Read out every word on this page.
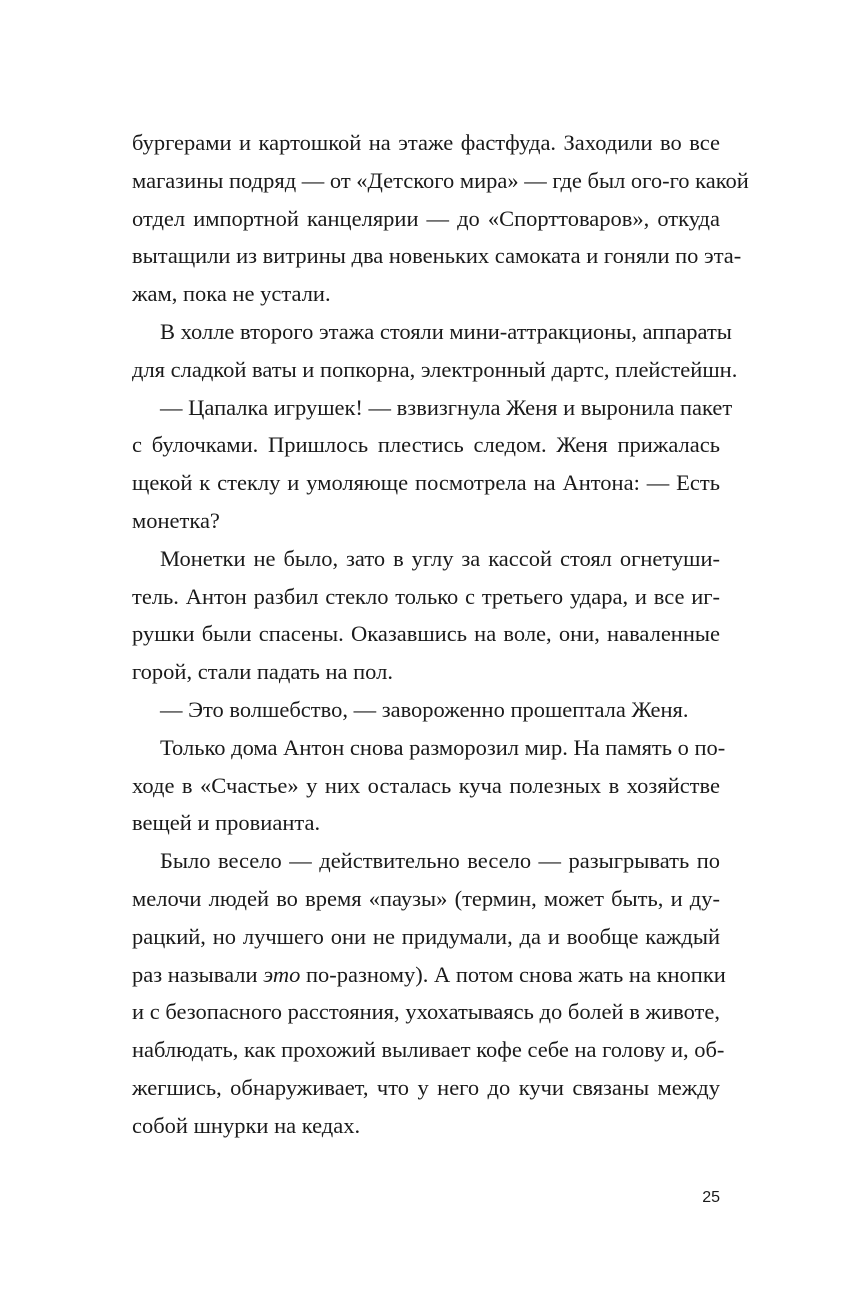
бургерами и картошкой на этаже фастфуда. Заходили во все
магазины подряд — от «Детского мира» — где был ого-го какой
отдел импортной канцелярии — до «Спорттоваров», откуда
вытащили из витрины два новеньких самоката и гоняли по эта-
жам, пока не устали.
В холле второго этажа стояли мини-аттракционы, аппараты
для сладкой ваты и попкорна, электронный дартс, плейстейшн.
— Цапалка игрушек! — взвизгнула Женя и выронила пакет
с булочками. Пришлось плестись следом. Женя прижалась
щекой к стеклу и умоляюще посмотрела на Антона: — Есть
монетка?
Монетки не было, зато в углу за кассой стоял огнетуши-
тель. Антон разбил стекло только с третьего удара, и все иг-
рушки были спасены. Оказавшись на воле, они, наваленные
горой, стали падать на пол.
— Это волшебство, — завороженно прошептала Женя.
Только дома Антон снова разморозил мир. На память о по-
ходе в «Счастье» у них осталась куча полезных в хозяйстве
вещей и провианта.
Было весело — действительно весело — разыгрывать по
мелочи людей во время «паузы» (термин, может быть, и ду-
рацкий, но лучшего они не придумали, да и вообще каждый
раз называли это по-разному). А потом снова жать на кнопки
и с безопасного расстояния, ухохатываясь до болей в животе,
наблюдать, как прохожий выливает кофе себе на голову и, об-
жегшись, обнаруживает, что у него до кучи связаны между
собой шнурки на кедах.
25
